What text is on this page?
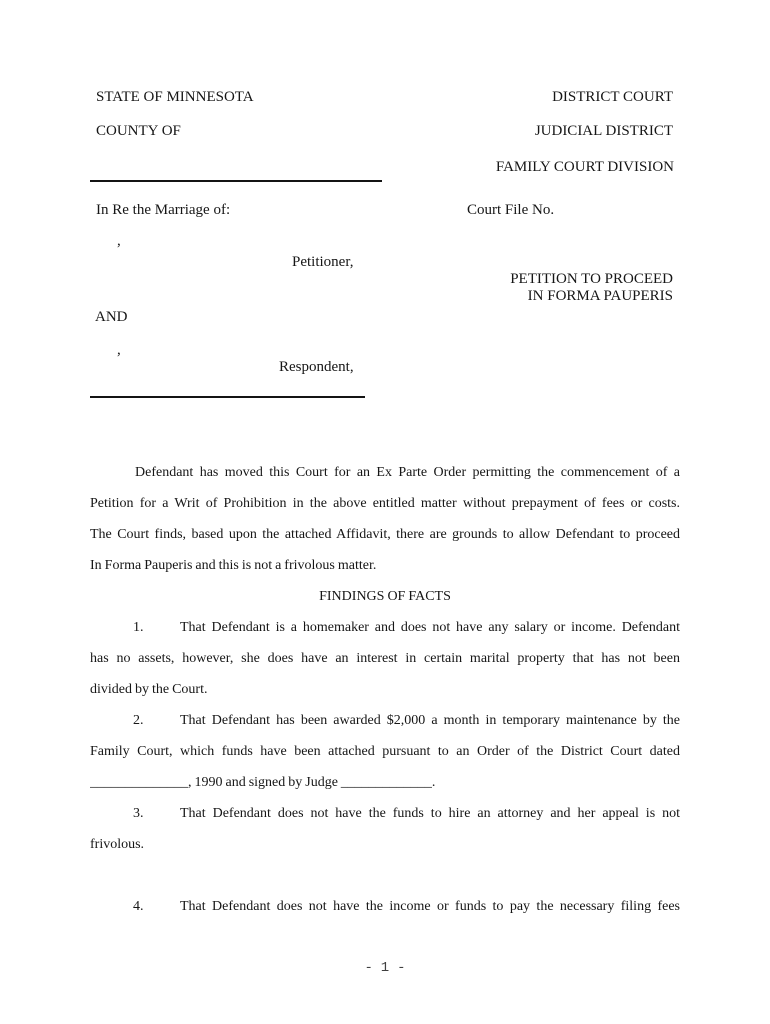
STATE OF MINNESOTA	DISTRICT COURT
COUNTY OF	JUDICIAL DISTRICT
FAMILY COURT DIVISION
In Re the Marriage of:	Court File No.
,
Petitioner,
PETITION TO PROCEED
IN FORMA PAUPERIS
AND
,
Respondent,
Defendant has moved this Court for an Ex Parte Order permitting the commencement of a
Petition for a Writ of Prohibition in the above entitled matter without prepayment of fees or costs.
The Court finds, based upon the attached Affidavit, there are grounds to allow Defendant to proceed
In Forma Pauperis and this is not a frivolous matter.
FINDINGS OF FACTS
1.	That Defendant is a homemaker and does not have any salary or income. Defendant
has no assets, however, she does have an interest in certain marital property that has not been
divided by the Court.
2.	That Defendant has been awarded $2,000 a month in temporary maintenance by the
Family Court, which funds have been attached pursuant to an Order of the District Court dated
______________, 1990 and signed by Judge _____________.
3.	That Defendant does not have the funds to hire an attorney and her appeal is not
frivolous.
4.	That Defendant does not have the income or funds to pay the necessary filing fees
- 1 -
